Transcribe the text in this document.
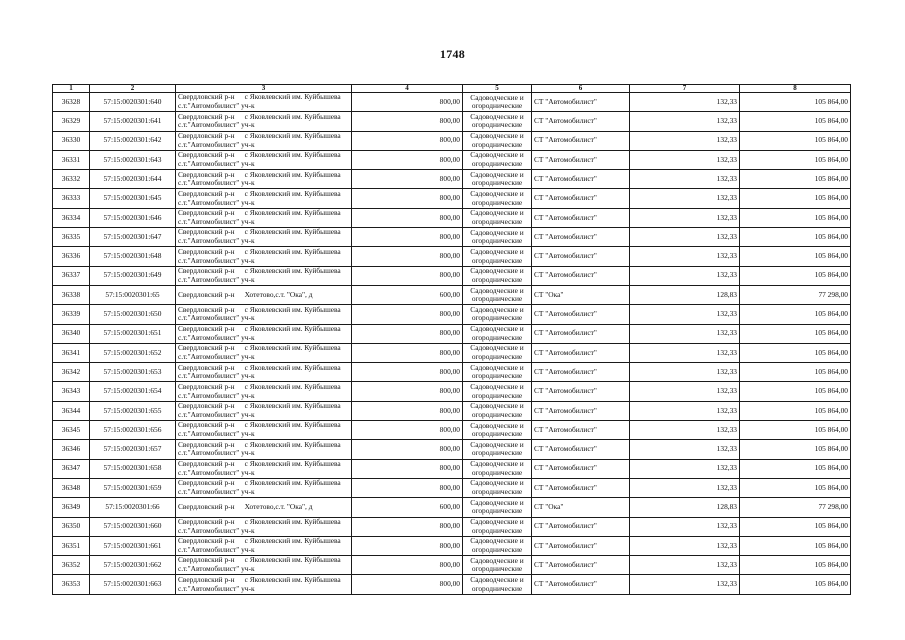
1748
1	2	3	4	5	6	7	8
36328	57:15:0020301:640	Свердловский р-н с Яковлевский им. Куйбышева
с.т."Автомобилист" уч-к	800,00	Садоводческие и
огороднические	СТ "Автомобилист"	132,33	105 864,00
36329	57:15:0020301:641	Свердловский р-н с Яковлевский им. Куйбышева
с.т."Автомобилист" уч-к	800,00	Садоводческие и
огороднические	СТ "Автомобилист"	132,33	105 864,00
36330	57:15:0020301:642	Свердловский р-н с Яковлевский им. Куйбышева
с.т."Автомобилист" уч-к	800,00	Садоводческие и
огороднические	СТ "Автомобилист"	132,33	105 864,00
36331	57:15:0020301:643	Свердловский р-н с Яковлевский им. Куйбышева
с.т."Автомобилист" уч-к	800,00	Садоводческие и
огороднические	СТ "Автомобилист"	132,33	105 864,00
36332	57:15:0020301:644	Свердловский р-н с Яковлевский им. Куйбышева
с.т."Автомобилист" уч-к	800,00	Садоводческие и
огороднические	СТ "Автомобилист"	132,33	105 864,00
36333	57:15:0020301:645	Свердловский р-н с Яковлевский им. Куйбышева
с.т."Автомобилист" уч-к	800,00	Садоводческие и
огороднические	СТ "Автомобилист"	132,33	105 864,00
36334	57:15:0020301:646	Свердловский р-н с Яковлевский им. Куйбышева
с.т."Автомобилист" уч-к	800,00	Садоводческие и
огороднические	СТ "Автомобилист"	132,33	105 864,00
36335	57:15:0020301:647	Свердловский р-н с Яковлевский им. Куйбышева
с.т."Автомобилист" уч-к	800,00	Садоводческие и
огороднические	СТ "Автомобилист"	132,33	105 864,00
36336	57:15:0020301:648	Свердловский р-н с Яковлевский им. Куйбышева
с.т."Автомобилист" уч-к	800,00	Садоводческие и
огороднические	СТ "Автомобилист"	132,33	105 864,00
36337	57:15:0020301:649	Свердловский р-н с Яковлевский им. Куйбышева
с.т."Автомобилист" уч-к	800,00	Садоводческие и
огороднические	СТ "Автомобилист"	132,33	105 864,00
36338	57:15:0020301:65	Свердловский р-н Хотетово,с.т. "Ока", д	600,00	Садоводческие и
огороднические	СТ "Ока"	128,83	77 298,00
36339	57:15:0020301:650	Свердловский р-н с Яковлевский им. Куйбышева
с.т."Автомобилист" уч-к	800,00	Садоводческие и
огороднические	СТ "Автомобилист"	132,33	105 864,00
36340	57:15:0020301:651	Свердловский р-н с Яковлевский им. Куйбышева
с.т."Автомобилист" уч-к	800,00	Садоводческие и
огороднические	СТ "Автомобилист"	132,33	105 864,00
36341	57:15:0020301:652	Свердловский р-н с Яковлевский им. Куйбышева
с.т."Автомобилист" уч-к	800,00	Садоводческие и
огороднические	СТ "Автомобилист"	132,33	105 864,00
36342	57:15:0020301:653	Свердловский р-н с Яковлевский им. Куйбышева
с.т."Автомобилист" уч-к	800,00	Садоводческие и
огороднические	СТ "Автомобилист"	132,33	105 864,00
36343	57:15:0020301:654	Свердловский р-н с Яковлевский им. Куйбышева
с.т."Автомобилист" уч-к	800,00	Садоводческие и
огороднические	СТ "Автомобилист"	132,33	105 864,00
36344	57:15:0020301:655	Свердловский р-н с Яковлевский им. Куйбышева
с.т."Автомобилист" уч-к	800,00	Садоводческие и
огороднические	СТ "Автомобилист"	132,33	105 864,00
36345	57:15:0020301:656	Свердловский р-н с Яковлевский им. Куйбышева
с.т."Автомобилист" уч-к	800,00	Садоводческие и
огороднические	СТ "Автомобилист"	132,33	105 864,00
36346	57:15:0020301:657	Свердловский р-н с Яковлевский им. Куйбышева
с.т."Автомобилист" уч-к	800,00	Садоводческие и
огороднические	СТ "Автомобилист"	132,33	105 864,00
36347	57:15:0020301:658	Свердловский р-н с Яковлевский им. Куйбышева
с.т."Автомобилист" уч-к	800,00	Садоводческие и
огороднические	СТ "Автомобилист"	132,33	105 864,00
36348	57:15:0020301:659	Свердловский р-н с Яковлевский им. Куйбышева
с.т."Автомобилист" уч-к	800,00	Садоводческие и
огороднические	СТ "Автомобилист"	132,33	105 864,00
36349	57:15:0020301:66	Свердловский р-н Хотетово,с.т. "Ока", д	600,00	Садоводческие и
огороднические	СТ "Ока"	128,83	77 298,00
36350	57:15:0020301:660	Свердловский р-н с Яковлевский им. Куйбышева
с.т."Автомобилист" уч-к	800,00	Садоводческие и
огороднические	СТ "Автомобилист"	132,33	105 864,00
36351	57:15:0020301:661	Свердловский р-н с Яковлевский им. Куйбышева
с.т."Автомобилист" уч-к	800,00	Садоводческие и
огороднические	СТ "Автомобилист"	132,33	105 864,00
36352	57:15:0020301:662	Свердловский р-н с Яковлевский им. Куйбышева
с.т."Автомобилист" уч-к	800,00	Садоводческие и
огороднические	СТ "Автомобилист"	132,33	105 864,00
36353	57:15:0020301:663	Свердловский р-н с Яковлевский им. Куйбышева
с.т."Автомобилист" уч-к	800,00	Садоводческие и
огороднические	СТ "Автомобилист"	132,33	105 864,00
